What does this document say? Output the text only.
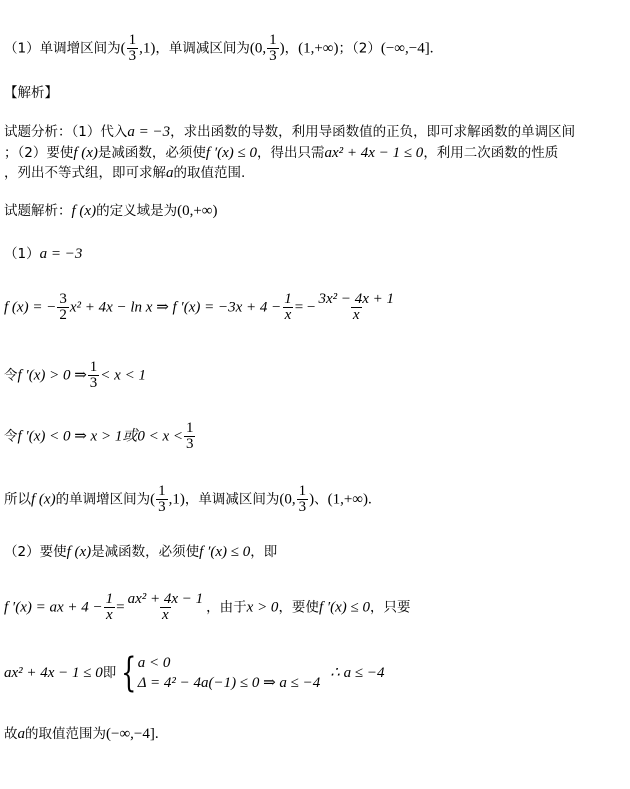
（1）单调增区间为( $\frac{1}{3} ,1$)，单调减区间为(0, $\frac{1}{3}$ )，(1,+∞)；（2）(−∞,−4].
【解析】
试题分析：（1）代入a = −3，求出函数的导数，利用导函数值的正负，即可求解函数的单调区间
；（2）要使f (x)是减函数，必须使f ′(x) ≤ 0，得出只需ax² + 4x − 1 ≤ 0，利用二次函数的性质
，列出不等式组，即可求解a的取值范围.
试题解析：f (x)的定义域是为(0,+∞)
（1）a = −3
f (x) = − $\frac{3}{2} x^2 + 4x - \ln x$ ⇒ f $'(x) = -3x + 4 - \frac{1}{x}$ = − $\frac{\text{3x² − 4x + 1}}{x}$
令f ′(x) > 0 ⇒ $\frac{1}{3} < x < 1$
令f ′(x) < 0 ⇒ x > 1或$0 < x < \frac{1}{3}$
所以f (x)的单调增区间为( $\frac{1}{3} ,1$)，单调减区间为(0, $\frac{1}{3}$ )、(1,+∞).
（2）要使f (x)是减函数，必须使f ′(x) ≤ 0，即
f ′(x) = ax + $4 - \frac{1}{x} = \frac{\text{ax² + 4x − 1}}{x}$ ，由于x > 0，要使f ′(x) ≤ 0，只要
ax² + 4x − 1 ≤ 0即 { a < 0
Δ = 4² − 4a(−1) ≤ 0 ⇒ a ≤ −4
∴ a ≤ −4
故a的取值范围为(−∞,−4].
